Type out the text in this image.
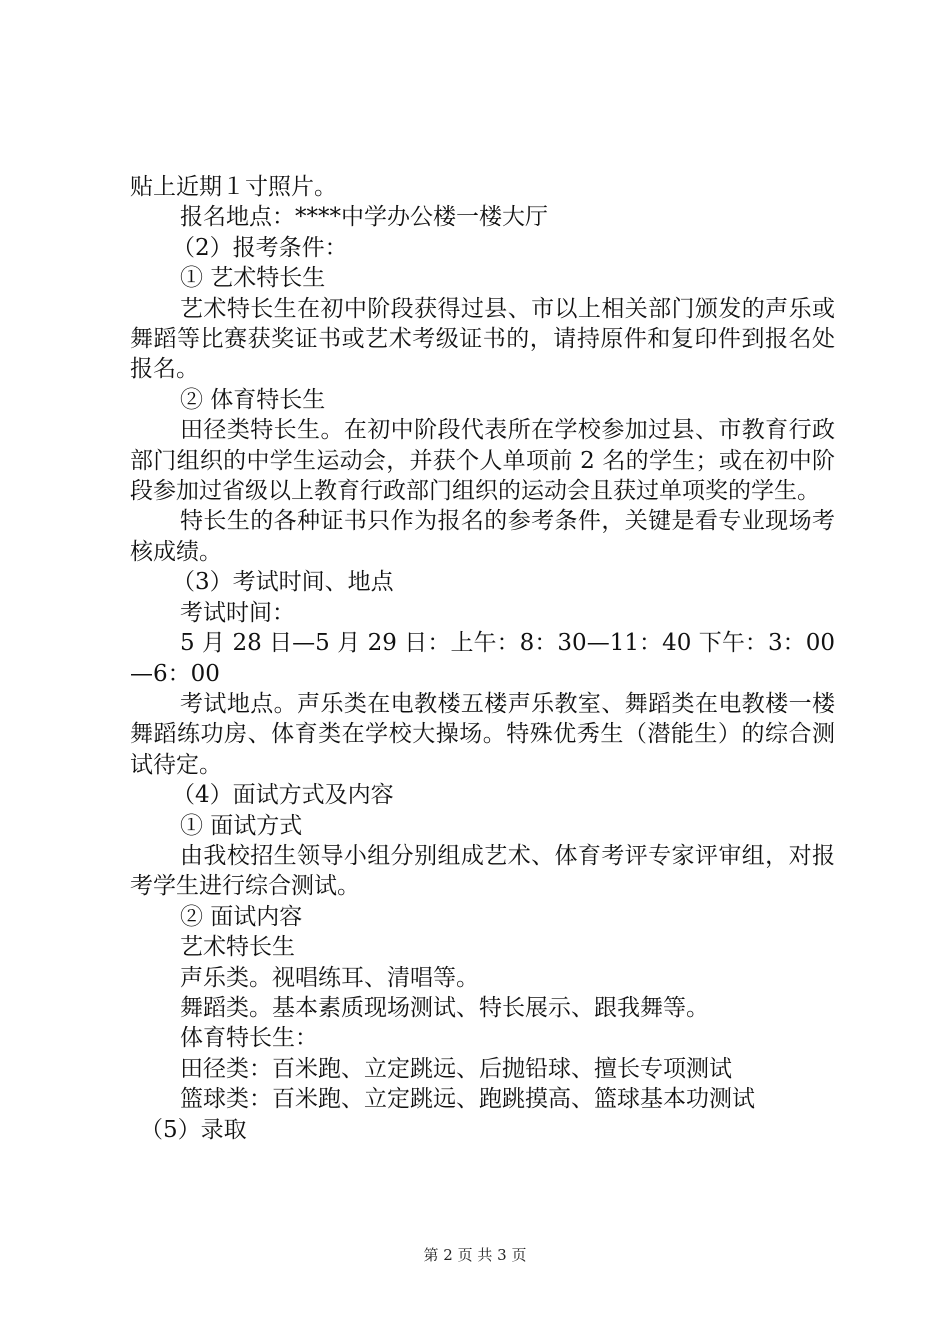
贴上近期１寸照片。

报名地点：****中学办公楼一楼大厅

（2）报考条件：

① 艺术特长生

艺术特长生在初中阶段获得过县、市以上相关部门颁发的声乐或舞蹈等比赛获奖证书或艺术考级证书的，请持原件和复印件到报名处报名。

② 体育特长生

田径类特长生。在初中阶段代表所在学校参加过县、市教育行政部门组织的中学生运动会，并获个人单项前 2 名的学生；或在初中阶段参加过省级以上教育行政部门组织的运动会且获过单项奖的学生。

特长生的各种证书只作为报名的参考条件，关键是看专业现场考核成绩。

（3）考试时间、地点

考试时间：

5 月 28 日—5 月 29 日：上午：8：30—11：40 下午：3：00—6：00

考试地点。声乐类在电教楼五楼声乐教室、舞蹈类在电教楼一楼舞蹈练功房、体育类在学校大操场。特殊优秀生（潜能生）的综合测试待定。

（4）面试方式及内容

① 面试方式

由我校招生领导小组分别组成艺术、体育考评专家评审组，对报考学生进行综合测试。

② 面试内容

艺术特长生

声乐类。视唱练耳、清唱等。

舞蹈类。基本素质现场测试、特长展示、跟我舞等。

体育特长生：

田径类：百米跑、立定跳远、后抛铅球、擅长专项测试

篮球类：百米跑、立定跳远、跑跳摸高、篮球基本功测试

（5）录取

第 2 页 共 3 页
